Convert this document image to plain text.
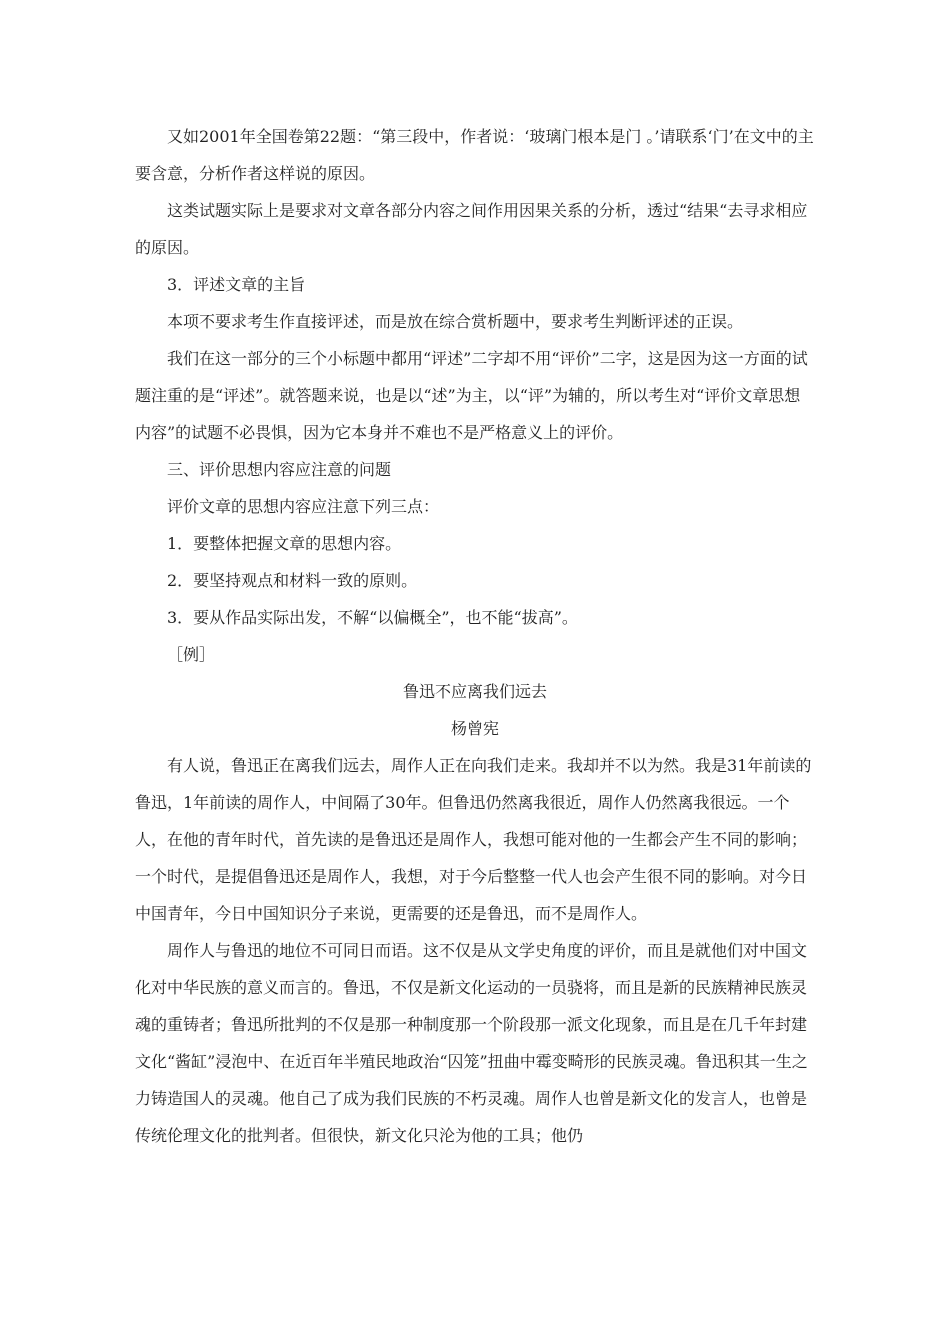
又如2001年全国卷第22题：“第三段中，作者说：‘玻璃门根本是门 。’请联系‘门’在文中的主要含意，分析作者这样说的原因。

这类试题实际上是要求对文章各部分内容之间作用因果关系的分析，透过“结果“去寻求相应的原因。

3．评述文章的主旨

本项不要求考生作直接评述，而是放在综合赏析题中，要求考生判断评述的正误。

我们在这一部分的三个小标题中都用“评述”二字却不用“评价”二字，这是因为这一方面的试题注重的是“评述”。就答题来说，也是以“述”为主，以“评”为辅的，所以考生对“评价文章思想内容”的试题不必畏惧，因为它本身并不难也不是严格意义上的评价。

三、评价思想内容应注意的问题

评价文章的思想内容应注意下列三点：

1．要整体把握文章的思想内容。

2．要坚持观点和材料一致的原则。

3．要从作品实际出发，不解“以偏概全”，也不能“拔高”。

［例］

鲁迅不应离我们远去

杨曾宪

有人说，鲁迅正在离我们远去，周作人正在向我们走来。我却并不以为然。我是31年前读的鲁迅，1年前读的周作人，中间隔了30年。但鲁迅仍然离我很近，周作人仍然离我很远。一个人，在他的青年时代，首先读的是鲁迅还是周作人，我想可能对他的一生都会产生不同的影响；一个时代，是提倡鲁迅还是周作人，我想，对于今后整整一代人也会产生很不同的影响。对今日中国青年，今日中国知识分子来说，更需要的还是鲁迅，而不是周作人。

周作人与鲁迅的地位不可同日而语。这不仅是从文学史角度的评价，而且是就他们对中国文化对中华民族的意义而言的。鲁迅，不仅是新文化运动的一员骁将，而且是新的民族精神民族灵魂的重铸者；鲁迅所批判的不仅是那一种制度那一个阶段那一派文化现象，而且是在几千年封建文化“酱缸”浸泡中、在近百年半殖民地政治“囚笼”扭曲中霉变畸形的民族灵魂。鲁迅积其一生之力铸造国人的灵魂。他自己了成为我们民族的不朽灵魂。周作人也曾是新文化的发言人，也曾是传统伦理文化的批判者。但很快，新文化只沦为他的工具；他仍
